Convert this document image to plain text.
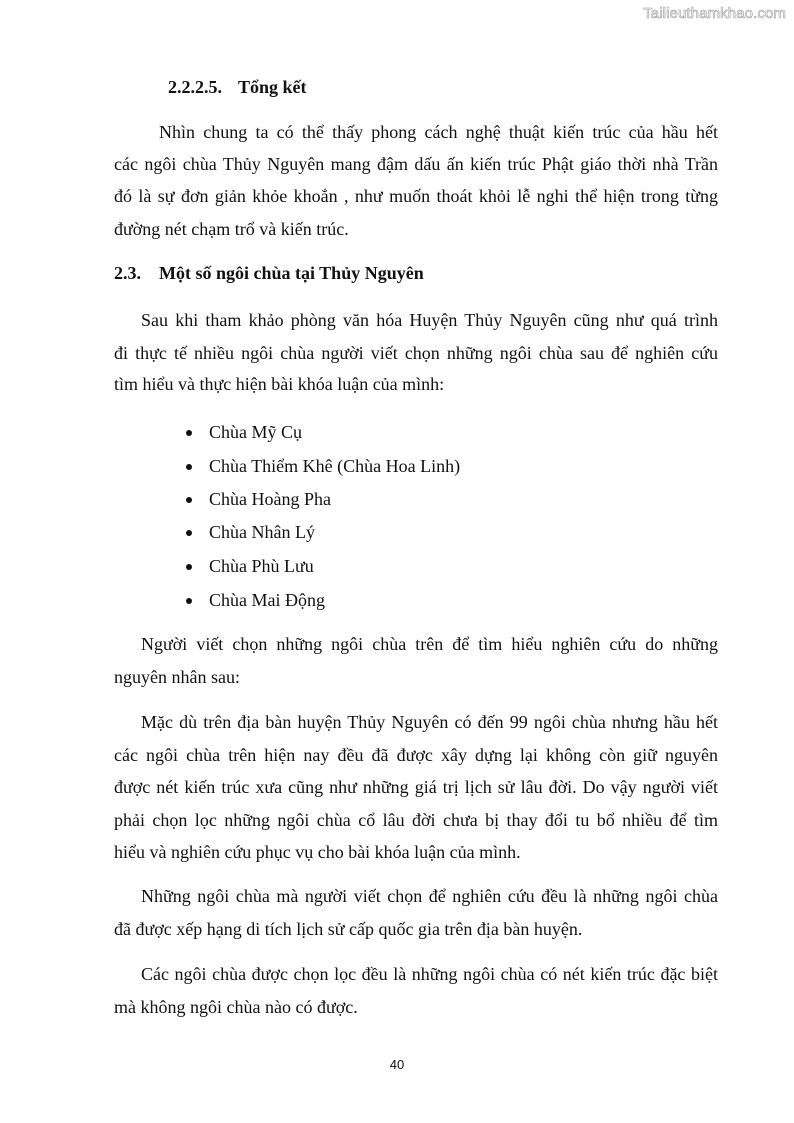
Tailieuthamkhao.com
2.2.2.5. Tổng kết
Nhìn chung ta có thể thấy phong cách nghệ thuật kiến trúc của hầu hết
các ngôi chùa Thủy Nguyên mang đậm dấu ấn kiến trúc Phật giáo thời nhà Trần
đó là sự đơn giản khỏe khoắn , như muốn thoát khỏi lễ nghi thể hiện trong từng
đường nét chạm trổ và kiến trúc.
2.3. Một số ngôi chùa tại Thủy Nguyên
Sau khi tham khảo phòng văn hóa Huyện Thủy Nguyên cũng như quá trình
đi thực tế nhiều ngôi chùa người viết chọn những ngôi chùa sau để nghiên cứu
tìm hiểu và thực hiện bài khóa luận của mình:
Chùa Mỹ Cụ
Chùa Thiểm Khê (Chùa Hoa Linh)
Chùa Hoàng Pha
Chùa Nhân Lý
Chùa Phù Lưu
Chùa Mai Động
Người viết chọn những ngôi chùa trên để tìm hiểu nghiên cứu do những
nguyên nhân sau:
Mặc dù trên địa bàn huyện Thủy Nguyên có đến 99 ngôi chùa nhưng hầu hết
các ngôi chùa trên hiện nay đều đã được xây dựng lại không còn giữ nguyên
được nét kiến trúc xưa cũng như những giá trị lịch sử lâu đời. Do vậy người viết
phải chọn lọc những ngôi chùa cổ lâu đời chưa bị thay đổi tu bổ nhiều để tìm
hiểu và nghiên cứu phục vụ cho bài khóa luận của mình.
Những ngôi chùa mà người viết chọn để nghiên cứu đều là những ngôi chùa
đã được xếp hạng di tích lịch sử cấp quốc gia trên địa bàn huyện.
Các ngôi chùa được chọn lọc đều là những ngôi chùa có nét kiến trúc đặc biệt
mà không ngôi chùa nào có được.
40
